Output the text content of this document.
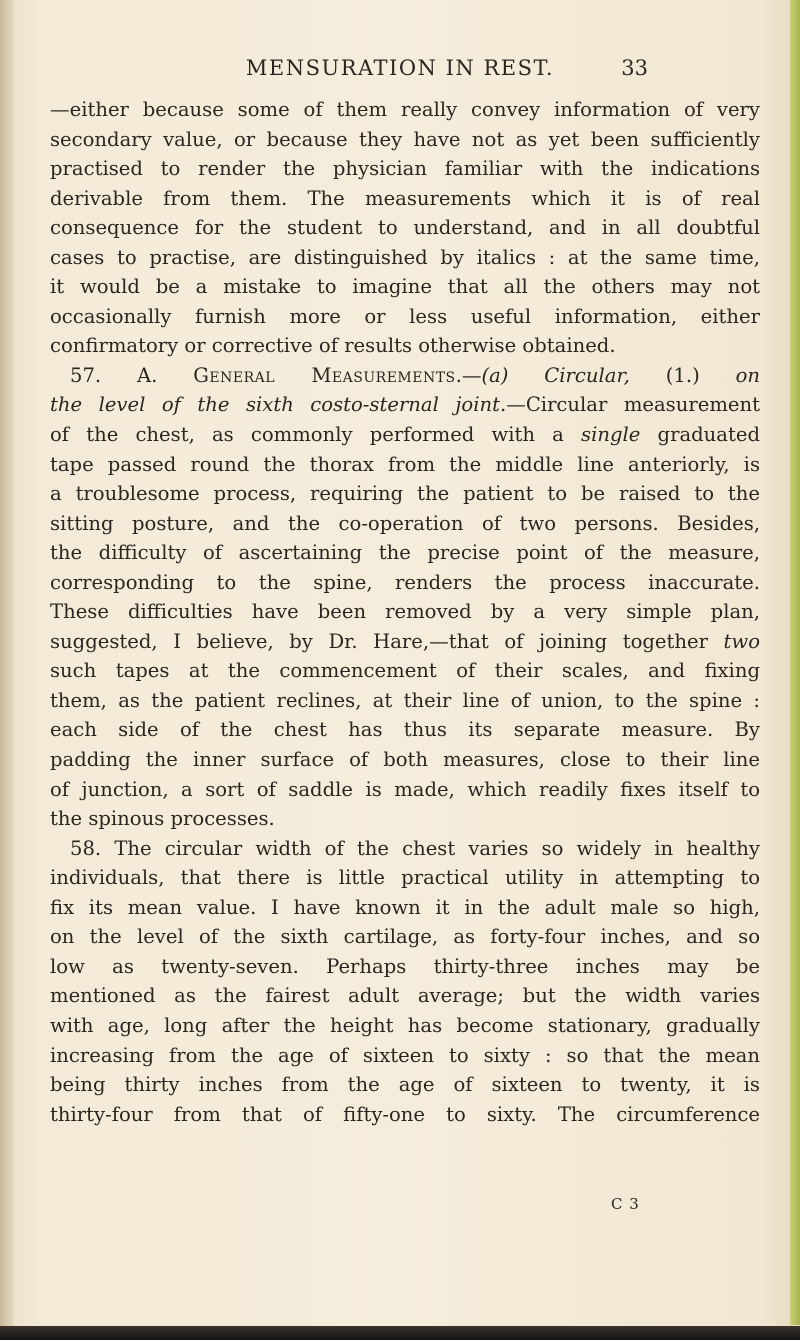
MENSURATION IN REST.	33
—either because some of them really convey information of very
secondary value, or because they have not as yet been sufficiently
practised to render the physician familiar with the indications
derivable from them. The measurements which it is of real
consequence for the student to understand, and in all doubtful
cases to practise, are distinguished by italics : at the same time,
it would be a mistake to imagine that all the others may not
occasionally furnish more or less useful information, either
confirmatory or corrective of results otherwise obtained.
57. A. General Measurements.—(a) Circular, (1.) on
the level of the sixth costo-sternal joint.—Circular measurement
of the chest, as commonly performed with a single graduated
tape passed round the thorax from the middle line anteriorly, is
a troublesome process, requiring the patient to be raised to the
sitting posture, and the co-operation of two persons. Besides,
the difficulty of ascertaining the precise point of the measure,
corresponding to the spine, renders the process inaccurate.
These difficulties have been removed by a very simple plan,
suggested, I believe, by Dr. Hare,—that of joining together two
such tapes at the commencement of their scales, and fixing
them, as the patient reclines, at their line of union, to the spine :
each side of the chest has thus its separate measure. By
padding the inner surface of both measures, close to their line
of junction, a sort of saddle is made, which readily fixes itself to
the spinous processes.
58. The circular width of the chest varies so widely in healthy
individuals, that there is little practical utility in attempting to
fix its mean value. I have known it in the adult male so high,
on the level of the sixth cartilage, as forty-four inches, and so
low as twenty-seven. Perhaps thirty-three inches may be
mentioned as the fairest adult average; but the width varies
with age, long after the height has become stationary, gradually
increasing from the age of sixteen to sixty : so that the mean
being thirty inches from the age of sixteen to twenty, it is
thirty-four from that of fifty-one to sixty. The circumference
C 3
